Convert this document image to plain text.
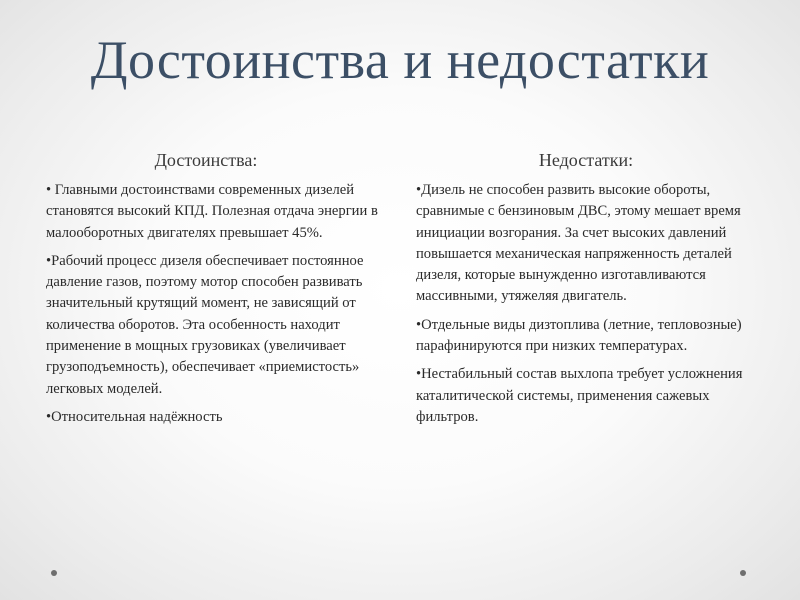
Достоинства и недостатки
Достоинства:
• Главными достоинствами современных дизелей становятся высокий КПД. Полезная отдача энергии в малооборотных двигателях превышает 45%.
•Рабочий процесс дизеля обеспечивает постоянное давление газов, поэтому мотор способен развивать значительный крутящий момент, не зависящий от количества оборотов. Эта особенность находит применение в мощных грузовиках (увеличивает грузоподъемность), обеспечивает «приемистость» легковых моделей.
•Относительная надёжность
Недостатки:
•Дизель не способен развить высокие обороты, сравнимые с бензиновым ДВС, этому мешает время инициации возгорания. За счет высоких давлений повышается механическая напряженность деталей дизеля, которые вынужденно изготавливаются массивными, утяжеляя двигатель.
•Отдельные виды дизтоплива (летние, тепловозные) парафинируются при низких температурах.
•Нестабильный состав выхлопа требует усложнения каталитической системы, применения сажевых фильтров.
